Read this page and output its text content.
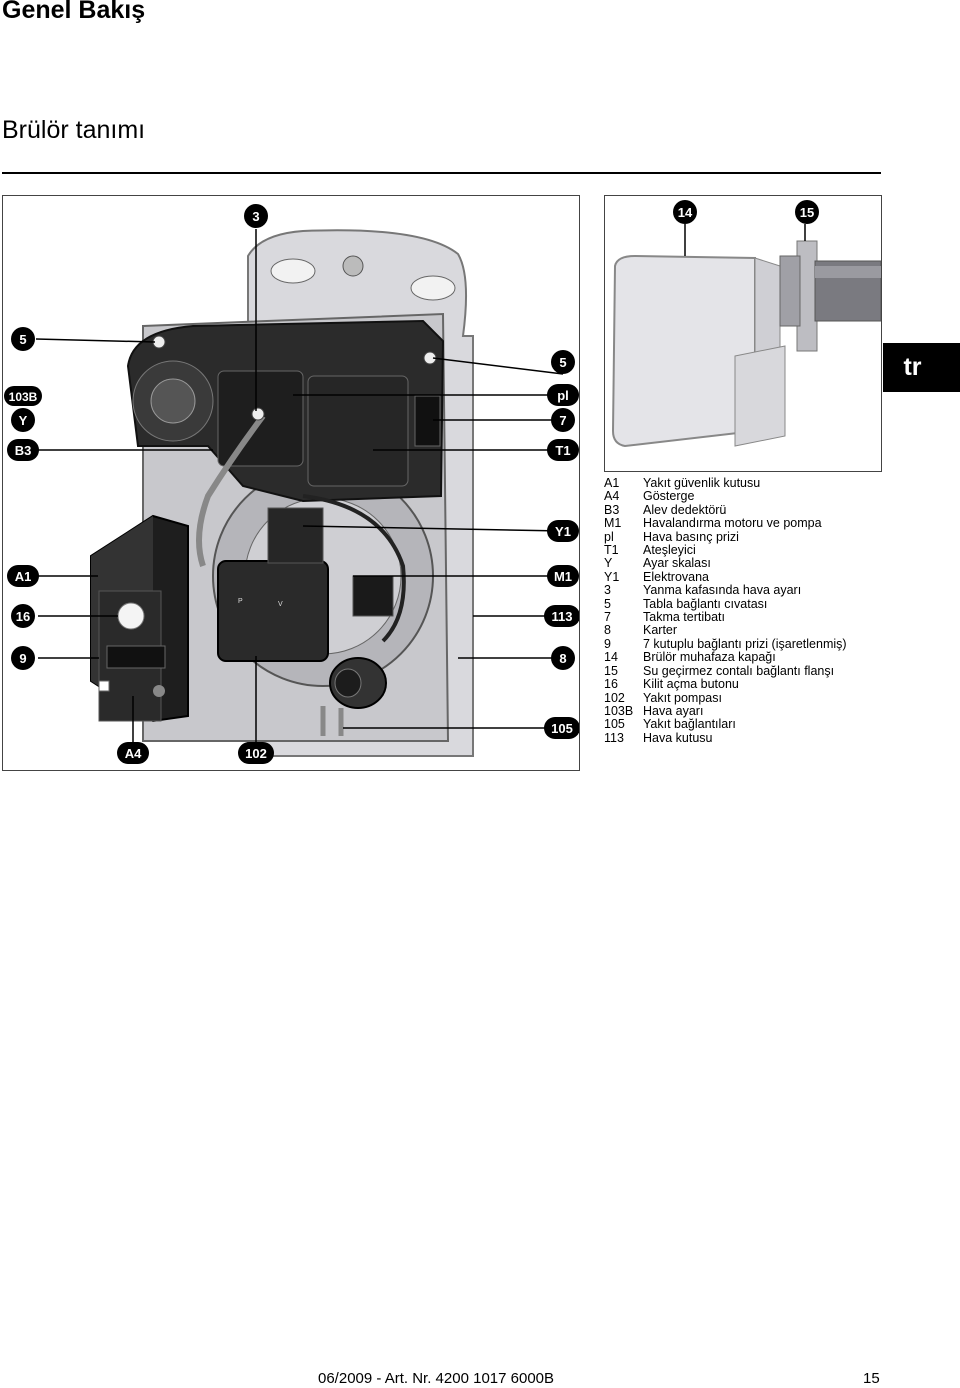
Genel Bakış
Brülör tanımı
P	V
3
5
103B
Y
B3
5
pl
7
T1
Y1
A1	M1
16	113
9	8
105
A4	102
14	15
A1	Yakıt güvenlik kutusu
A4	Gösterge
B3	Alev dedektörü
M1	Havalandırma motoru ve pompa
pl	Hava basınç prizi
T1	Ateşleyici
Y	Ayar skalası
Y1	Elektrovana
3	Yanma kafasında hava ayarı
5	Tabla bağlantı cıvatası
7	Takma tertibatı
8	Karter
9	7 kutuplu bağlantı prizi (işaretlenmiş)
14	Brülör muhafaza kapağı
15	Su geçirmez contalı bağlantı flanşı
16	Kilit açma butonu
102	Yakıt pompası
103B Hava ayarı
105	Yakıt bağlantıları
113	Hava kutusu
tr
06/2009 - Art. Nr. 4200 1017 6000B	15
